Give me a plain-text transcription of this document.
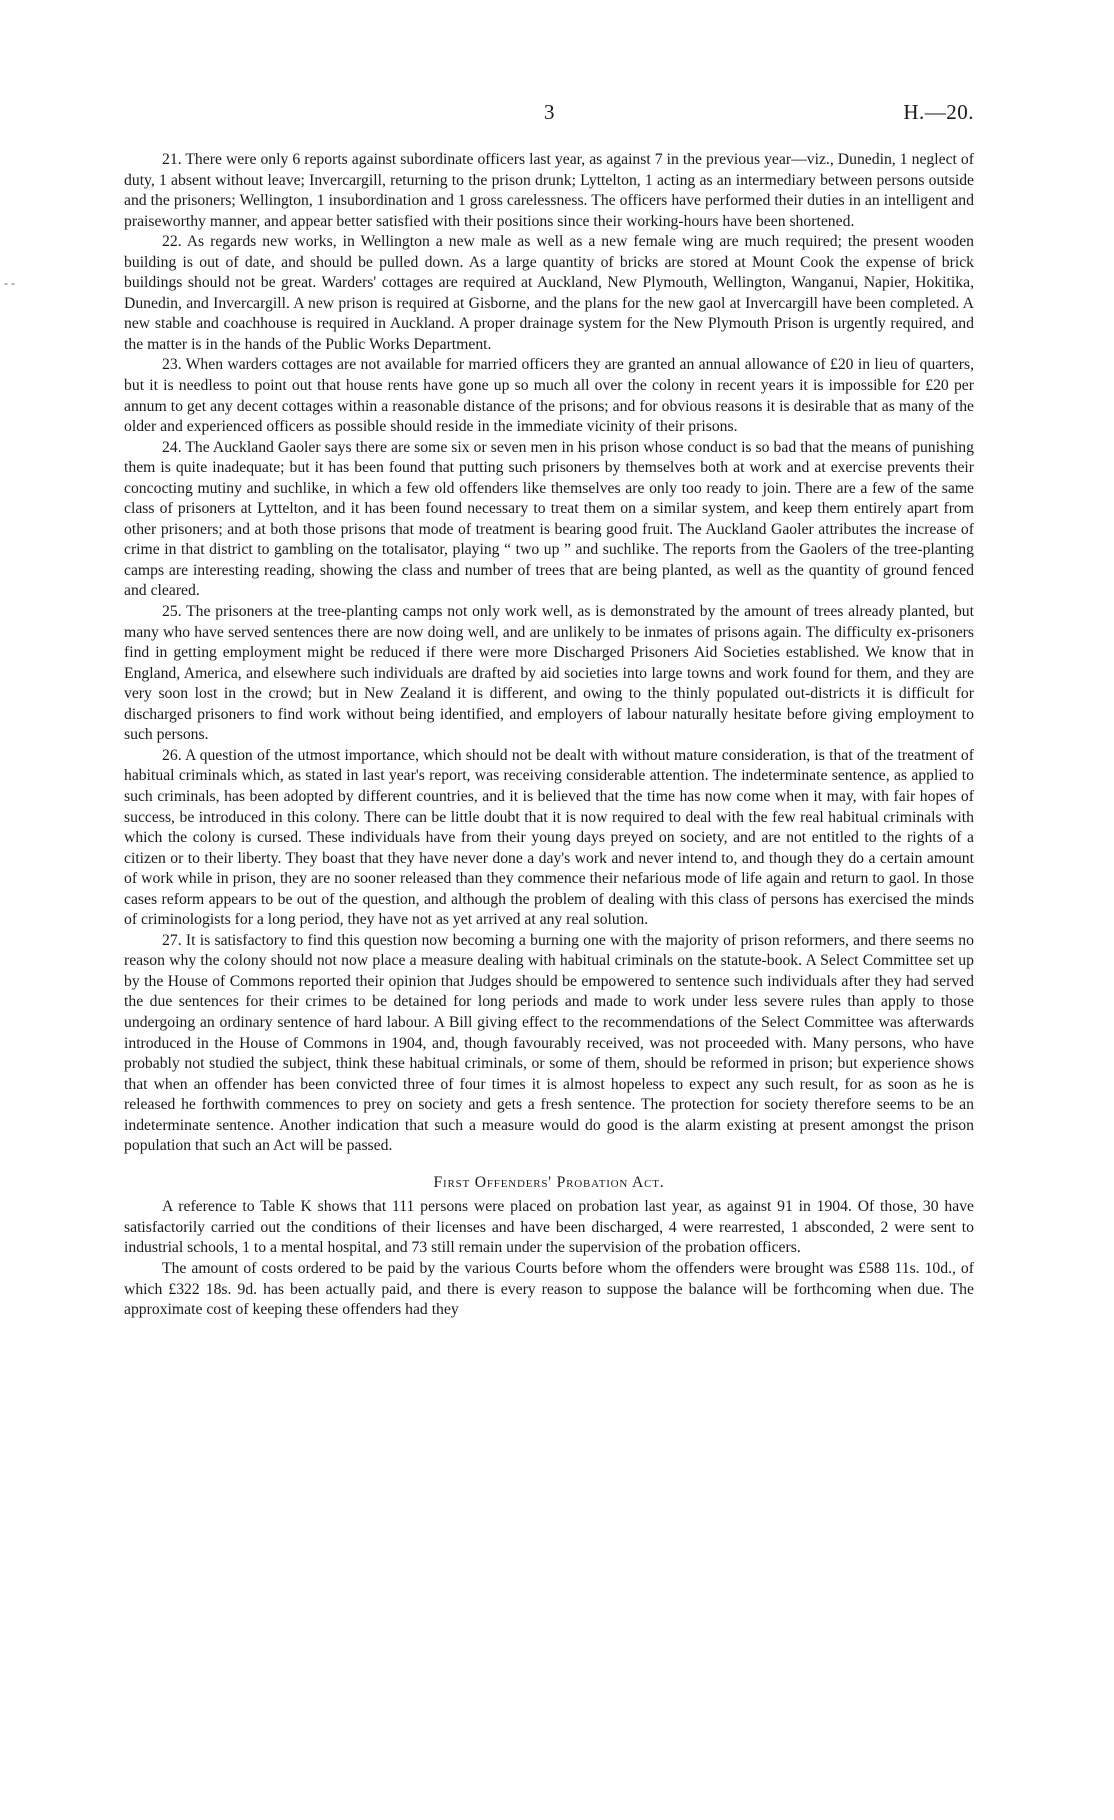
3	H.—20.
- -

21. There were only 6 reports against subordinate officers last year, as against 7 in the previous year—viz., Dunedin, 1 neglect of duty, 1 absent without leave; Invercargill, returning to the prison drunk; Lyttelton, 1 acting as an intermediary between persons outside and the prisoners; Wellington, 1 insubordination and 1 gross carelessness. The officers have performed their duties in an intelligent and praiseworthy manner, and appear better satisfied with their positions since their working-hours have been shortened.

22. As regards new works, in Wellington a new male as well as a new female wing are much required; the present wooden building is out of date, and should be pulled down. As a large quantity of bricks are stored at Mount Cook the expense of brick buildings should not be great. Warders' cottages are required at Auckland, New Plymouth, Wellington, Wanganui, Napier, Hokitika, Dunedin, and Invercargill. A new prison is required at Gisborne, and the plans for the new gaol at Invercargill have been completed. A new stable and coachhouse is required in Auckland. A proper drainage system for the New Plymouth Prison is urgently required, and the matter is in the hands of the Public Works Department.

23. When warders cottages are not available for married officers they are granted an annual allowance of £20 in lieu of quarters, but it is needless to point out that house rents have gone up so much all over the colony in recent years it is impossible for £20 per annum to get any decent cottages within a reasonable distance of the prisons; and for obvious reasons it is desirable that as many of the older and experienced officers as possible should reside in the immediate vicinity of their prisons.

24. The Auckland Gaoler says there are some six or seven men in his prison whose conduct is so bad that the means of punishing them is quite inadequate; but it has been found that putting such prisoners by themselves both at work and at exercise prevents their concocting mutiny and suchlike, in which a few old offenders like themselves are only too ready to join. There are a few of the same class of prisoners at Lyttelton, and it has been found necessary to treat them on a similar system, and keep them entirely apart from other prisoners; and at both those prisons that mode of treatment is bearing good fruit. The Auckland Gaoler attributes the increase of crime in that district to gambling on the totalisator, playing “ two up ” and suchlike. The reports from the Gaolers of the tree-planting camps are interesting reading, showing the class and number of trees that are being planted, as well as the quantity of ground fenced and cleared.

25. The prisoners at the tree-planting camps not only work well, as is demonstrated by the amount of trees already planted, but many who have served sentences there are now doing well, and are unlikely to be inmates of prisons again. The difficulty ex-prisoners find in getting employment might be reduced if there were more Discharged Prisoners Aid Societies established. We know that in England, America, and elsewhere such individuals are drafted by aid societies into large towns and work found for them, and they are very soon lost in the crowd; but in New Zealand it is different, and owing to the thinly populated out-districts it is difficult for discharged prisoners to find work without being identified, and employers of labour naturally hesitate before giving employment to such persons.

26. A question of the utmost importance, which should not be dealt with without mature consideration, is that of the treatment of habitual criminals which, as stated in last year's report, was receiving considerable attention. The indeterminate sentence, as applied to such criminals, has been adopted by different countries, and it is believed that the time has now come when it may, with fair hopes of success, be introduced in this colony. There can be little doubt that it is now required to deal with the few real habitual criminals with which the colony is cursed. These individuals have from their young days preyed on society, and are not entitled to the rights of a citizen or to their liberty. They boast that they have never done a day's work and never intend to, and though they do a certain amount of work while in prison, they are no sooner released than they commence their nefarious mode of life again and return to gaol. In those cases reform appears to be out of the question, and although the problem of dealing with this class of persons has exercised the minds of criminologists for a long period, they have not as yet arrived at any real solution.

27. It is satisfactory to find this question now becoming a burning one with the majority of prison reformers, and there seems no reason why the colony should not now place a measure dealing with habitual criminals on the statute-book. A Select Committee set up by the House of Commons reported their opinion that Judges should be empowered to sentence such individuals after they had served the due sentences for their crimes to be detained for long periods and made to work under less severe rules than apply to those undergoing an ordinary sentence of hard labour. A Bill giving effect to the recommendations of the Select Committee was afterwards introduced in the House of Commons in 1904, and, though favourably received, was not proceeded with. Many persons, who have probably not studied the subject, think these habitual criminals, or some of them, should be reformed in prison; but experience shows that when an offender has been convicted three of four times it is almost hopeless to expect any such result, for as soon as he is released he forthwith commences to prey on society and gets a fresh sentence. The protection for society therefore seems to be an indeterminate sentence. Another indication that such a measure would do good is the alarm existing at present amongst the prison population that such an Act will be passed.

First Offenders' Probation Act.

A reference to Table K shows that 111 persons were placed on probation last year, as against 91 in 1904. Of those, 30 have satisfactorily carried out the conditions of their licenses and have been discharged, 4 were rearrested, 1 absconded, 2 were sent to industrial schools, 1 to a mental hospital, and 73 still remain under the supervision of the probation officers.

The amount of costs ordered to be paid by the various Courts before whom the offenders were brought was £588 11s. 10d., of which £322 18s. 9d. has been actually paid, and there is every reason to suppose the balance will be forthcoming when due. The approximate cost of keeping these offenders had they
